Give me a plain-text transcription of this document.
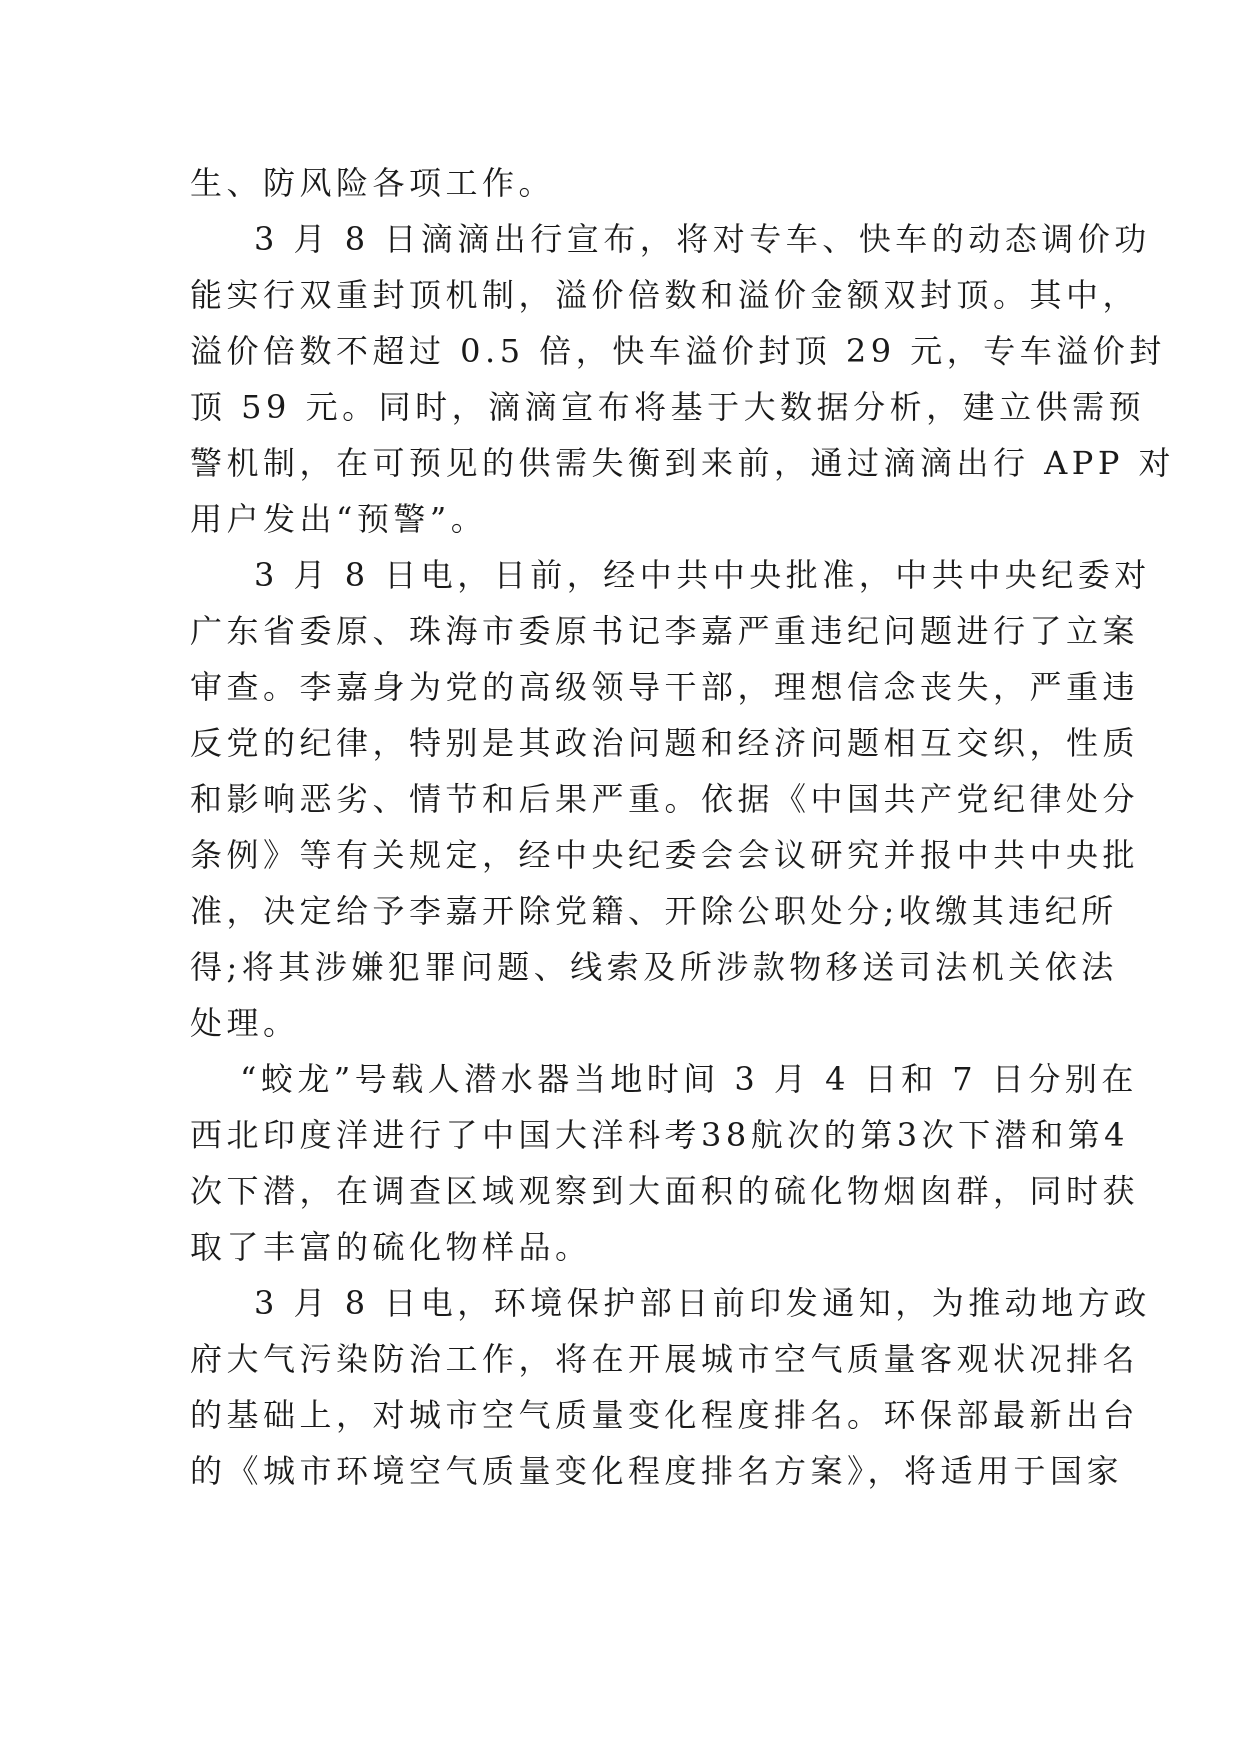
生、防风险各项工作。
3 月 8 日滴滴出行宣布，将对专车、快车的动态调价功
能实行双重封顶机制，溢价倍数和溢价金额双封顶。其中，
溢价倍数不超过 0.5 倍，快车溢价封顶 29 元，专车溢价封
顶 59 元。同时，滴滴宣布将基于大数据分析，建立供需预
警机制，在可预见的供需失衡到来前，通过滴滴出行 APP 对
用户发出“预警”。
3 月 8 日电，日前，经中共中央批准，中共中央纪委对
广东省委原、珠海市委原书记李嘉严重违纪问题进行了立案
审查。李嘉身为党的高级领导干部，理想信念丧失，严重违
反党的纪律，特别是其政治问题和经济问题相互交织，性质
和影响恶劣、情节和后果严重。依据《中国共产党纪律处分
条例》等有关规定，经中央纪委会会议研究并报中共中央批
准，决定给予李嘉开除党籍、开除公职处分;收缴其违纪所
得;将其涉嫌犯罪问题、线索及所涉款物移送司法机关依法
处理。
“蛟龙”号载人潜水器当地时间 3 月 4 日和 7 日分别在
西北印度洋进行了中国大洋科考38航次的第3次下潜和第4
次下潜，在调查区域观察到大面积的硫化物烟囱群，同时获
取了丰富的硫化物样品。
3 月 8 日电，环境保护部日前印发通知，为推动地方政
府大气污染防治工作，将在开展城市空气质量客观状况排名
的基础上，对城市空气质量变化程度排名。环保部最新出台
的《城市环境空气质量变化程度排名方案》，将适用于国家
